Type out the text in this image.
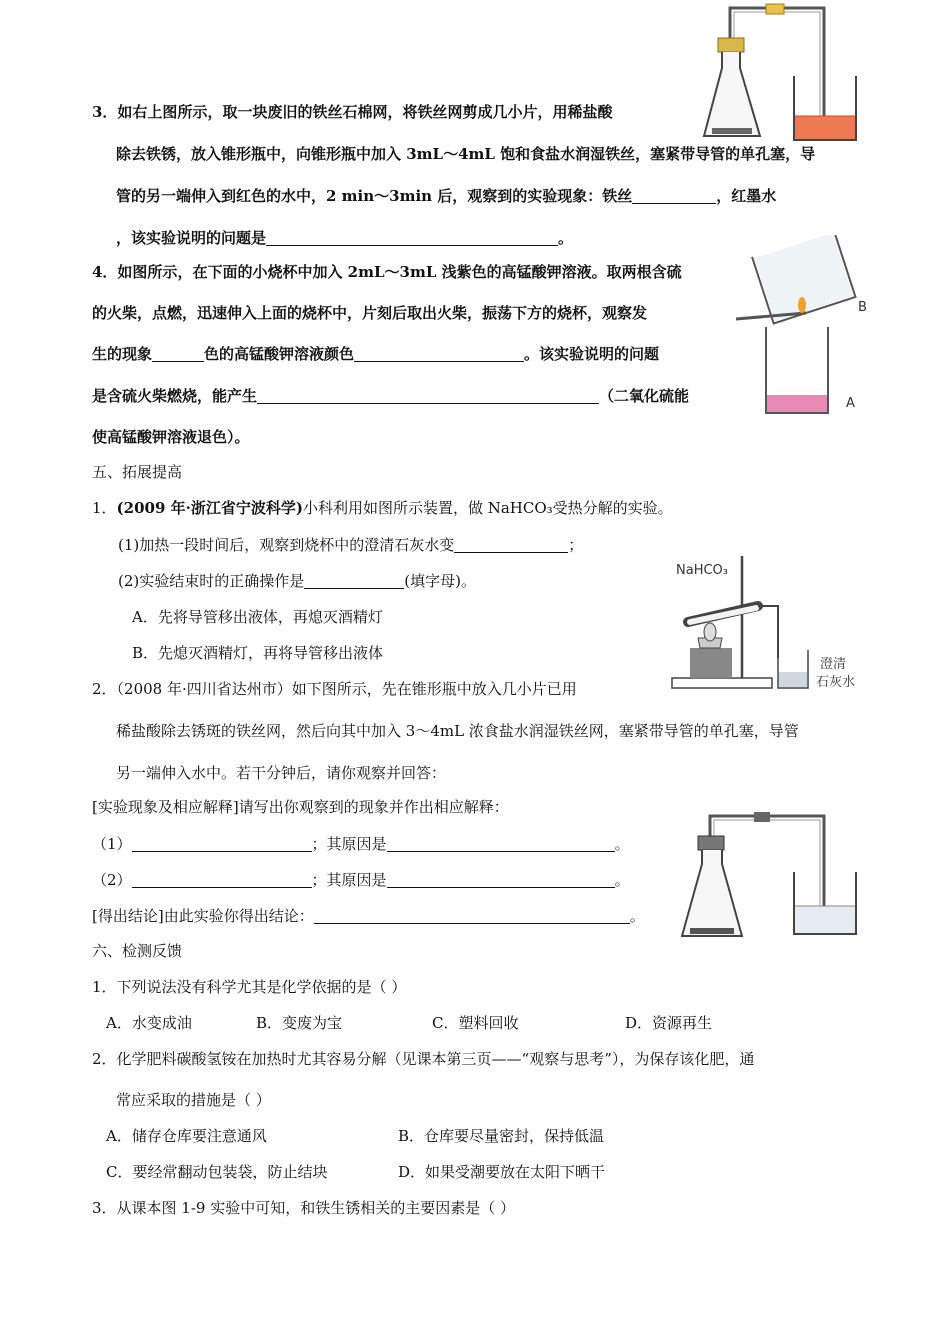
B
A
NaHCO₃
澄清
石灰水
3．如右上图所示，取一块废旧的铁丝石棉网，将铁丝网剪成几小片，用稀盐酸
除去铁锈，放入锥形瓶中，向锥形瓶中加入 3mL～4mL 饱和食盐水润湿铁丝，塞紧带导管的单孔塞，导
管的另一端伸入到红色的水中，2 min～3min 后，观察到的实验现象：铁丝	，红墨水
，该实验说明的问题是	。
4．如图所示，在下面的小烧杯中加入 2mL～3mL 浅紫色的高锰酸钾溶液。取两根含硫
的火柴，点燃，迅速伸入上面的烧杯中，片刻后取出火柴，振荡下方的烧杯，观察发
生的现象	色的高锰酸钾溶液颜色	。该实验说明的问题
是含硫火柴燃烧，能产生	（二氧化硫能
使高锰酸钾溶液退色）。
五、拓展提高
1．(2009 年·浙江省宁波科学)小科利用如图所示装置，做 NaHCO₃受热分解的实验。
(1)加热一段时间后，观察到烧杯中的澄清石灰水变	；
(2)实验结束时的正确操作是	(填字母)。
A．先将导管移出液体，再熄灭酒精灯
B．先熄灭酒精灯，再将导管移出液体
2．（2008 年·四川省达州市）如下图所示，先在锥形瓶中放入几小片已用
稀盐酸除去锈斑的铁丝网，然后向其中加入 3～4mL 浓食盐水润湿铁丝网，塞紧带导管的单孔塞，导管
另一端伸入水中。若干分钟后，请你观察并回答：
[实验现象及相应解释]请写出你观察到的现象并作出相应解释：
（1）	；其原因是	。
（2）	；其原因是	。
[得出结论]由此实验你得出结论：	。
六、检测反馈
1．下列说法没有科学尤其是化学依据的是（ ）
A．水变成油	B．变废为宝	C．塑料回收	D．资源再生
2．化学肥料碳酸氢铵在加热时尤其容易分解（见课本第三页——“观察与思考”），为保存该化肥，通
常应采取的措施是（ ）
A．储存仓库要注意通风	B．仓库要尽量密封，保持低温
C．要经常翻动包装袋，防止结块	D．如果受潮要放在太阳下晒干
3．从课本图 1-9 实验中可知，和铁生锈相关的主要因素是（ ）
